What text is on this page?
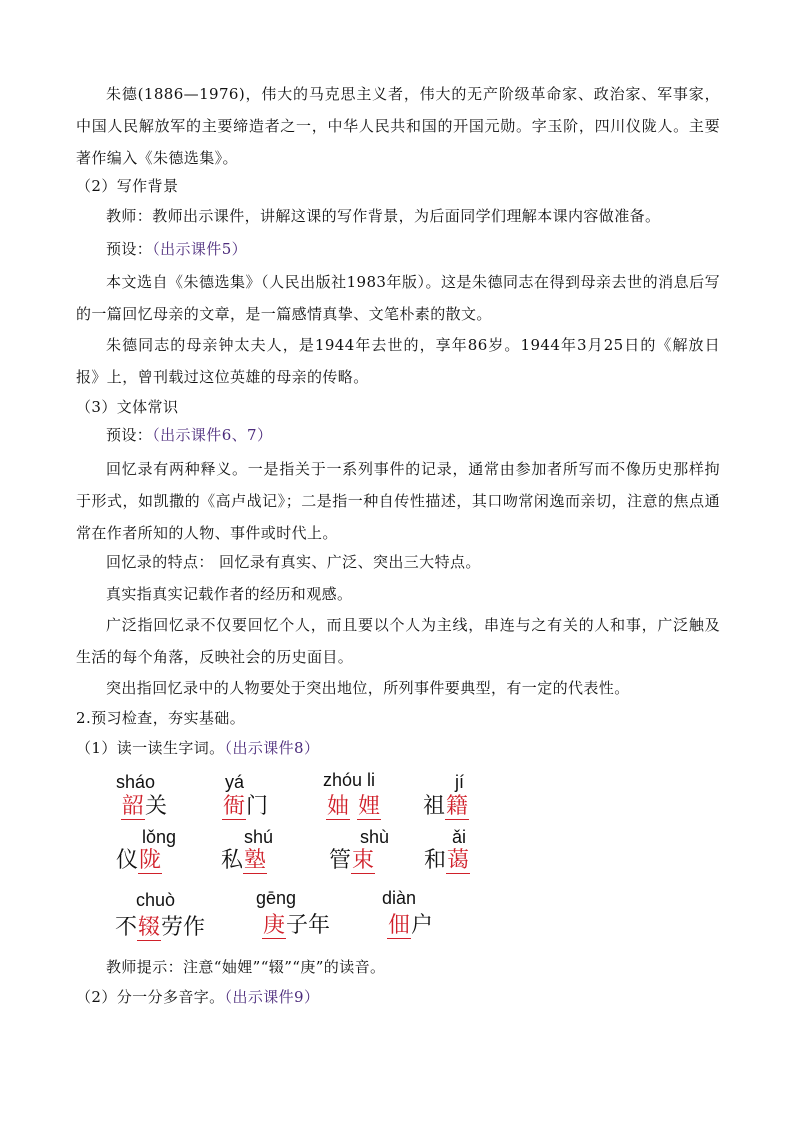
朱德(1886—1976)，伟大的马克思主义者，伟大的无产阶级革命家、政治家、军事家，中国人民解放军的主要缔造者之一，中华人民共和国的开国元勋。字玉阶，四川仪陇人。主要著作编入《朱德选集》。

（2）写作背景

教师：教师出示课件，讲解这课的写作背景，为后面同学们理解本课内容做准备。

预设：（出示课件5）

本文选自《朱德选集》（人民出版社1983年版）。这是朱德同志在得到母亲去世的消息后写的一篇回忆母亲的文章，是一篇感情真挚、文笔朴素的散文。

朱德同志的母亲钟太夫人，是1944年去世的，享年86岁。1944年3月25日的《解放日报》上，曾刊载过这位英雄的母亲的传略。

（3）文体常识

预设：（出示课件6、7）

回忆录有两种释义。一是指关于一系列事件的记录，通常由参加者所写而不像历史那样拘于形式，如凯撒的《高卢战记》；二是指一种自传性描述，其口吻常闲逸而亲切，注意的焦点通常在作者所知的人物、事件或时代上。

回忆录的特点： 回忆录有真实、广泛、突出三大特点。

真实指真实记载作者的经历和观感。

广泛指回忆录不仅要回忆个人，而且要以个人为主线，串连与之有关的人和事，广泛触及生活的每个角落，反映社会的历史面目。

突出指回忆录中的人物要处于突出地位，所列事件要典型，有一定的代表性。

2.预习检查，夯实基础。

（1）读一读生字词。（出示课件8）

sháo
韶关
yá
衙门
zhóu li
妯 娌
jí
祖籍
lǒng
仪陇
shú
私塾
shù
管束
ǎi
和蔼
chuò
不辍劳作
gēng
庚子年
diàn
佃户

教师提示：注意“妯娌”“辍”“庚”的读音。

（2）分一分多音字。（出示课件9）
